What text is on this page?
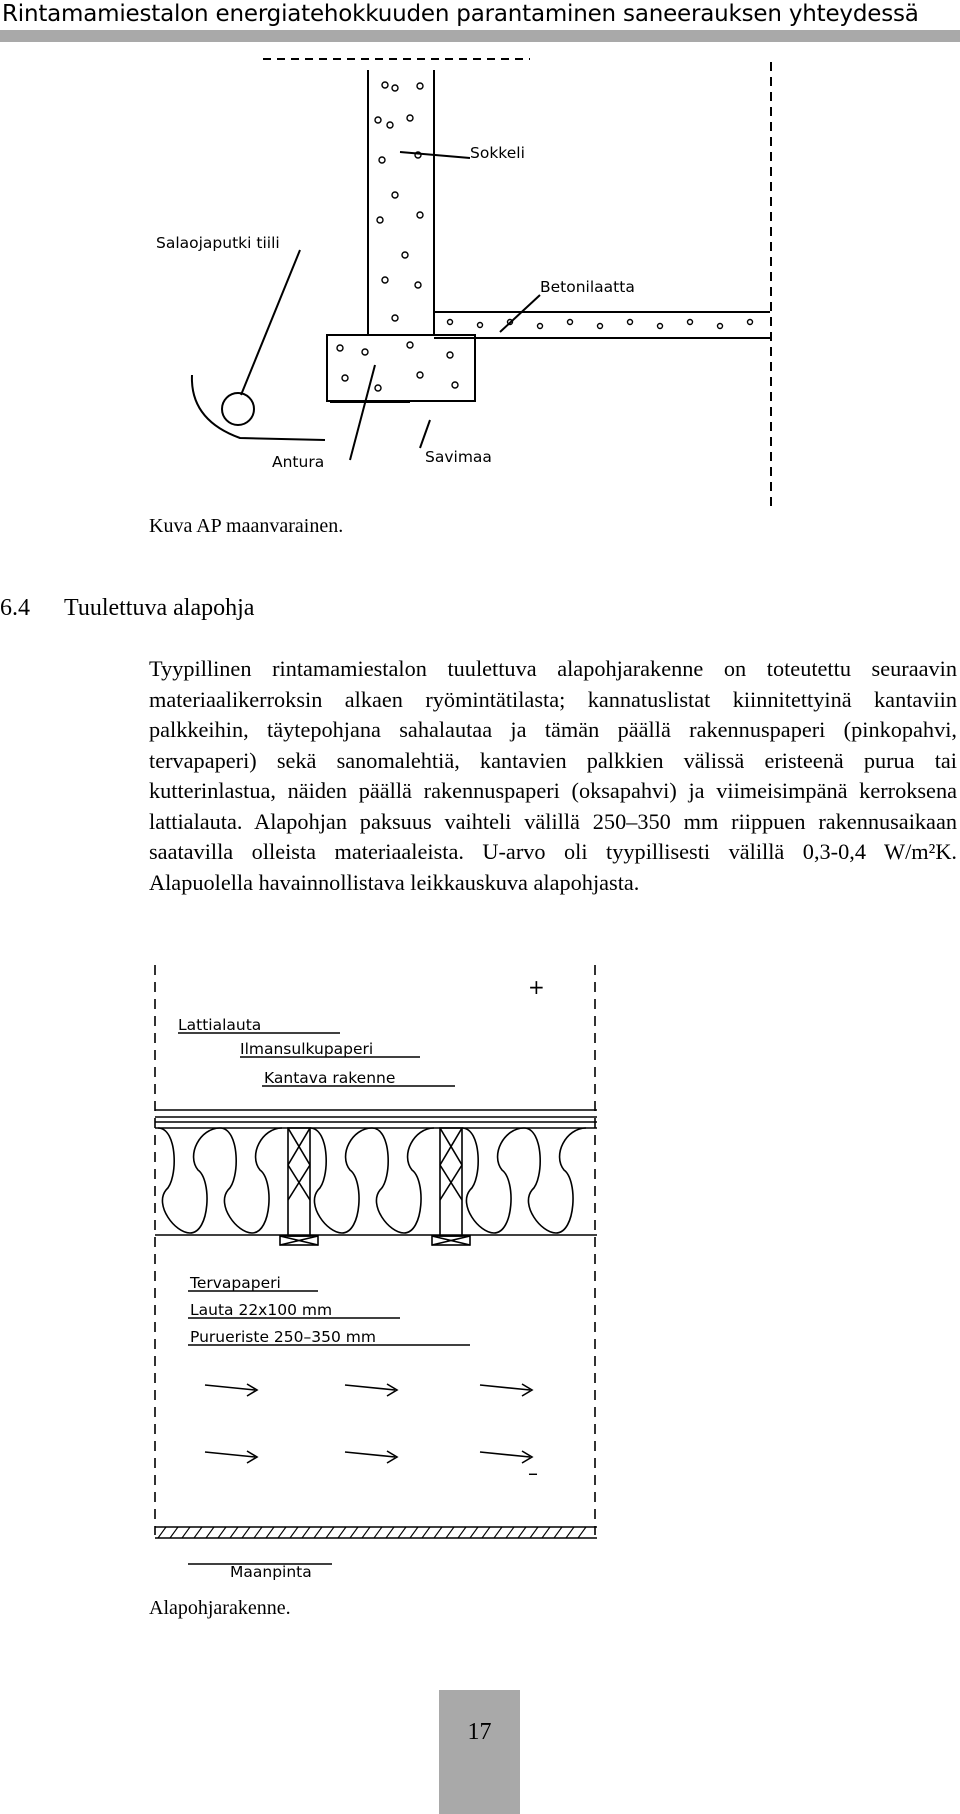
Rintamamiestalon energiatehokkuuden parantaminen saneerauksen yhteydessä
Sokkeli
Salaojaputki tiili
Betonilaatta
Antura	Savimaa
Kuva AP maanvarainen.
6.4 Tuulettuva alapohja
Tyypillinen rintamamiestalon tuulettuva alapohjarakenne on toteutettu seuraavin materiaalikerroksin alkaen ryömintätilasta; kannatuslistat kiinnitettyinä kantaviin palkkeihin, täytepohjana sahalautaa ja tämän päällä rakennuspaperi (pinkopahvi, tervapaperi) sekä sanomalehtiä, kantavien palkkien välissä eristeenä purua tai kutterinlastua, näiden päällä rakennuspaperi (oksapahvi) ja viimeisimpänä kerroksena lattialauta. Alapohjan paksuus vaihteli välillä 250–350 mm riippuen rakennusaikaan saatavilla olleista materiaaleista. U-arvo oli tyypillisesti välillä 0,3-0,4 W/m²K. Alapuolella havainnollistava leikkauskuva alapohjasta.
Lattialauta
Ilmansulkupaperi
Kantava rakenne
Tervapaperi
Lauta 22x100 mm
Purueriste 250–350 mm
Maanpinta
+
–
Alapohjarakenne.
17
